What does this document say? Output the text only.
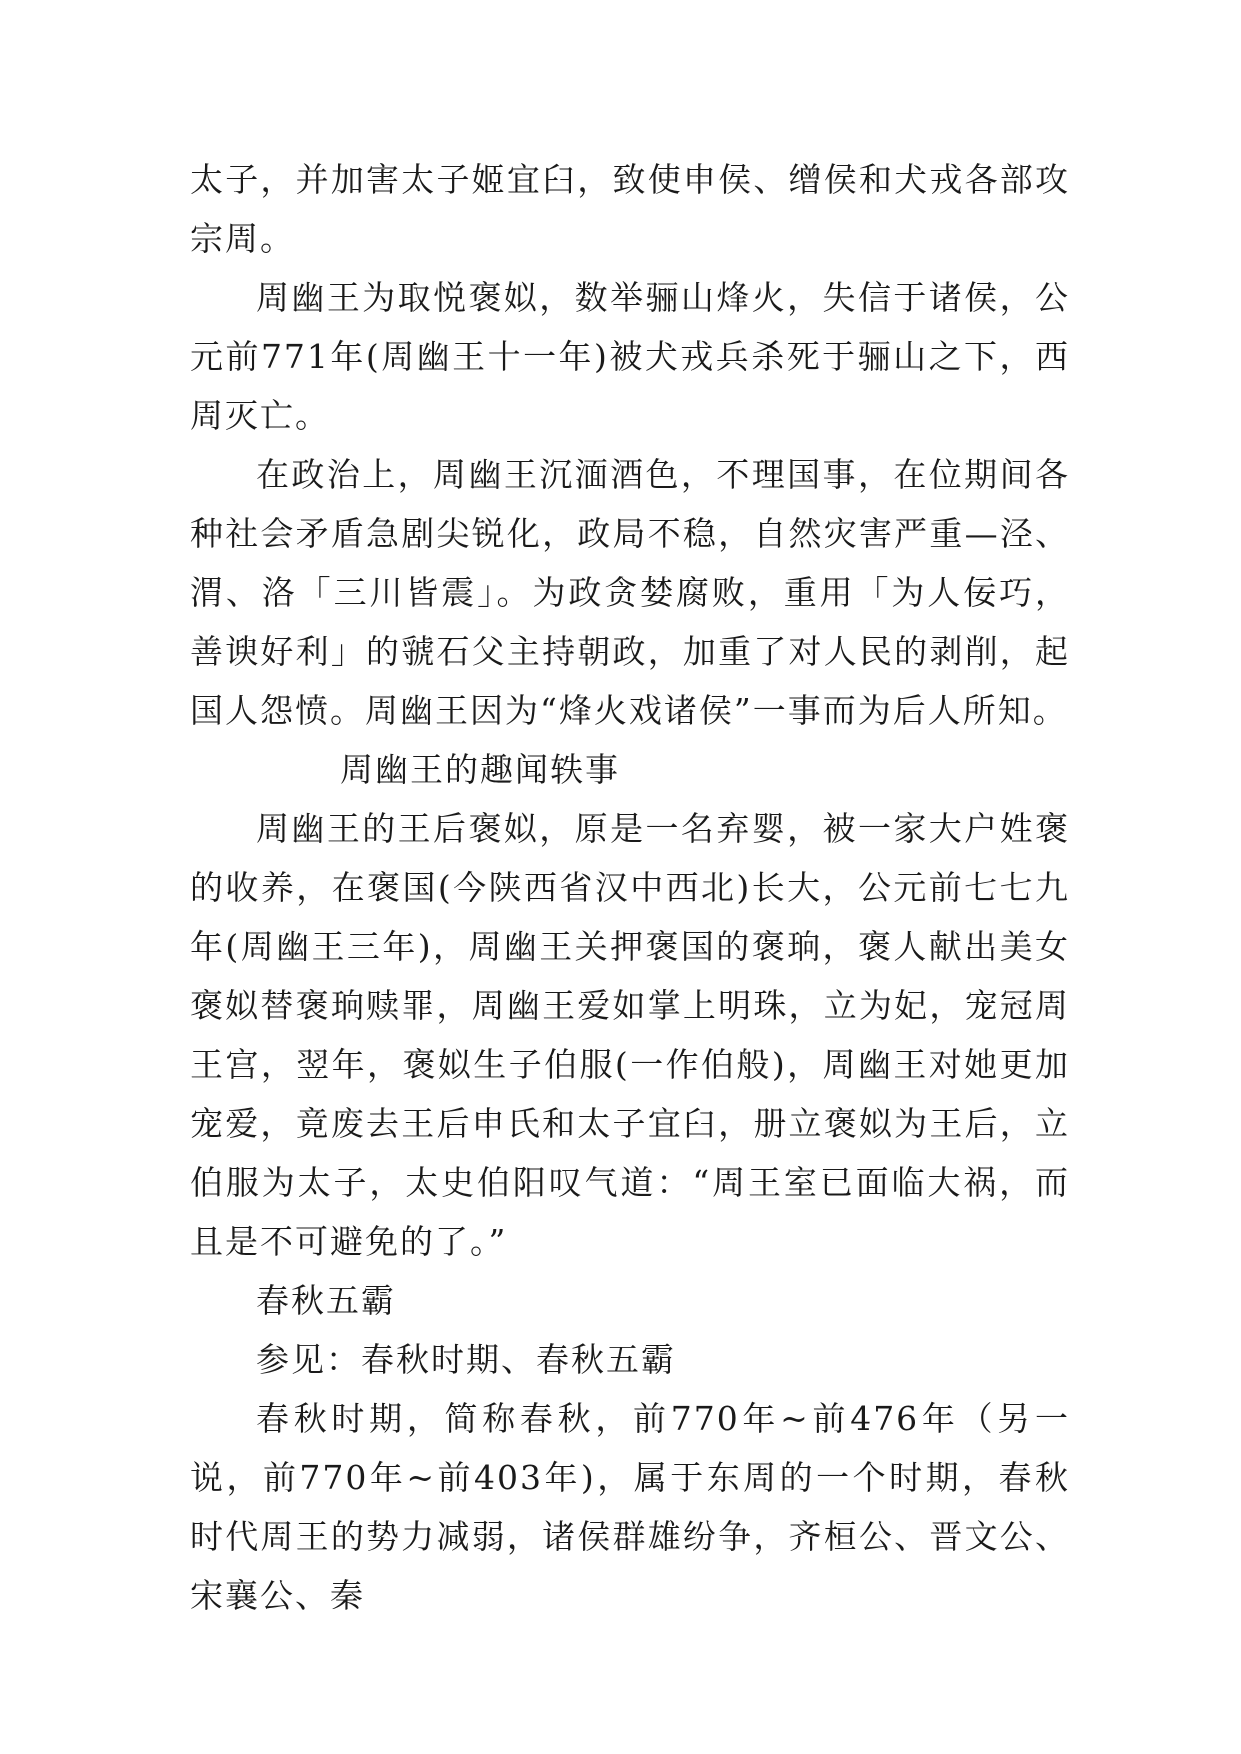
太子，并加害太子姬宜臼，致使申侯、缯侯和犬戎各部攻宗周。

周幽王为取悦褒姒，数举骊山烽火，失信于诸侯，公元前771年(周幽王十一年)被犬戎兵杀死于骊山之下，西周灭亡。

在政治上，周幽王沉湎酒色，不理国事，在位期间各种社会矛盾急剧尖锐化，政局不稳，自然灾害严重—泾、渭、洛「三川皆震」。为政贪婪腐败，重用「为人佞巧，善谀好利」的虢石父主持朝政，加重了对人民的剥削，起国人怨愤。周幽王因为“烽火戏诸侯”一事而为后人所知。

周幽王的趣闻轶事

周幽王的王后褒姒，原是一名弃婴，被一家大户姓褒的收养，在褒国(今陕西省汉中西北)长大，公元前七七九年(周幽王三年)，周幽王关押褒国的褒珦，褒人献出美女褒姒替褒珦赎罪，周幽王爱如掌上明珠，立为妃，宠冠周王宫，翌年，褒姒生子伯服(一作伯般)，周幽王对她更加宠爱，竟废去王后申氏和太子宜臼，册立褒姒为王后，立伯服为太子，太史伯阳叹气道：“周王室已面临大祸，而且是不可避免的了。”

春秋五霸

参见：春秋时期、春秋五霸

春秋时期，简称春秋，前770年~前476年（另一说，前770年~前403年)，属于东周的一个时期，春秋时代周王的势力减弱，诸侯群雄纷争，齐桓公、晋文公、宋襄公、秦
